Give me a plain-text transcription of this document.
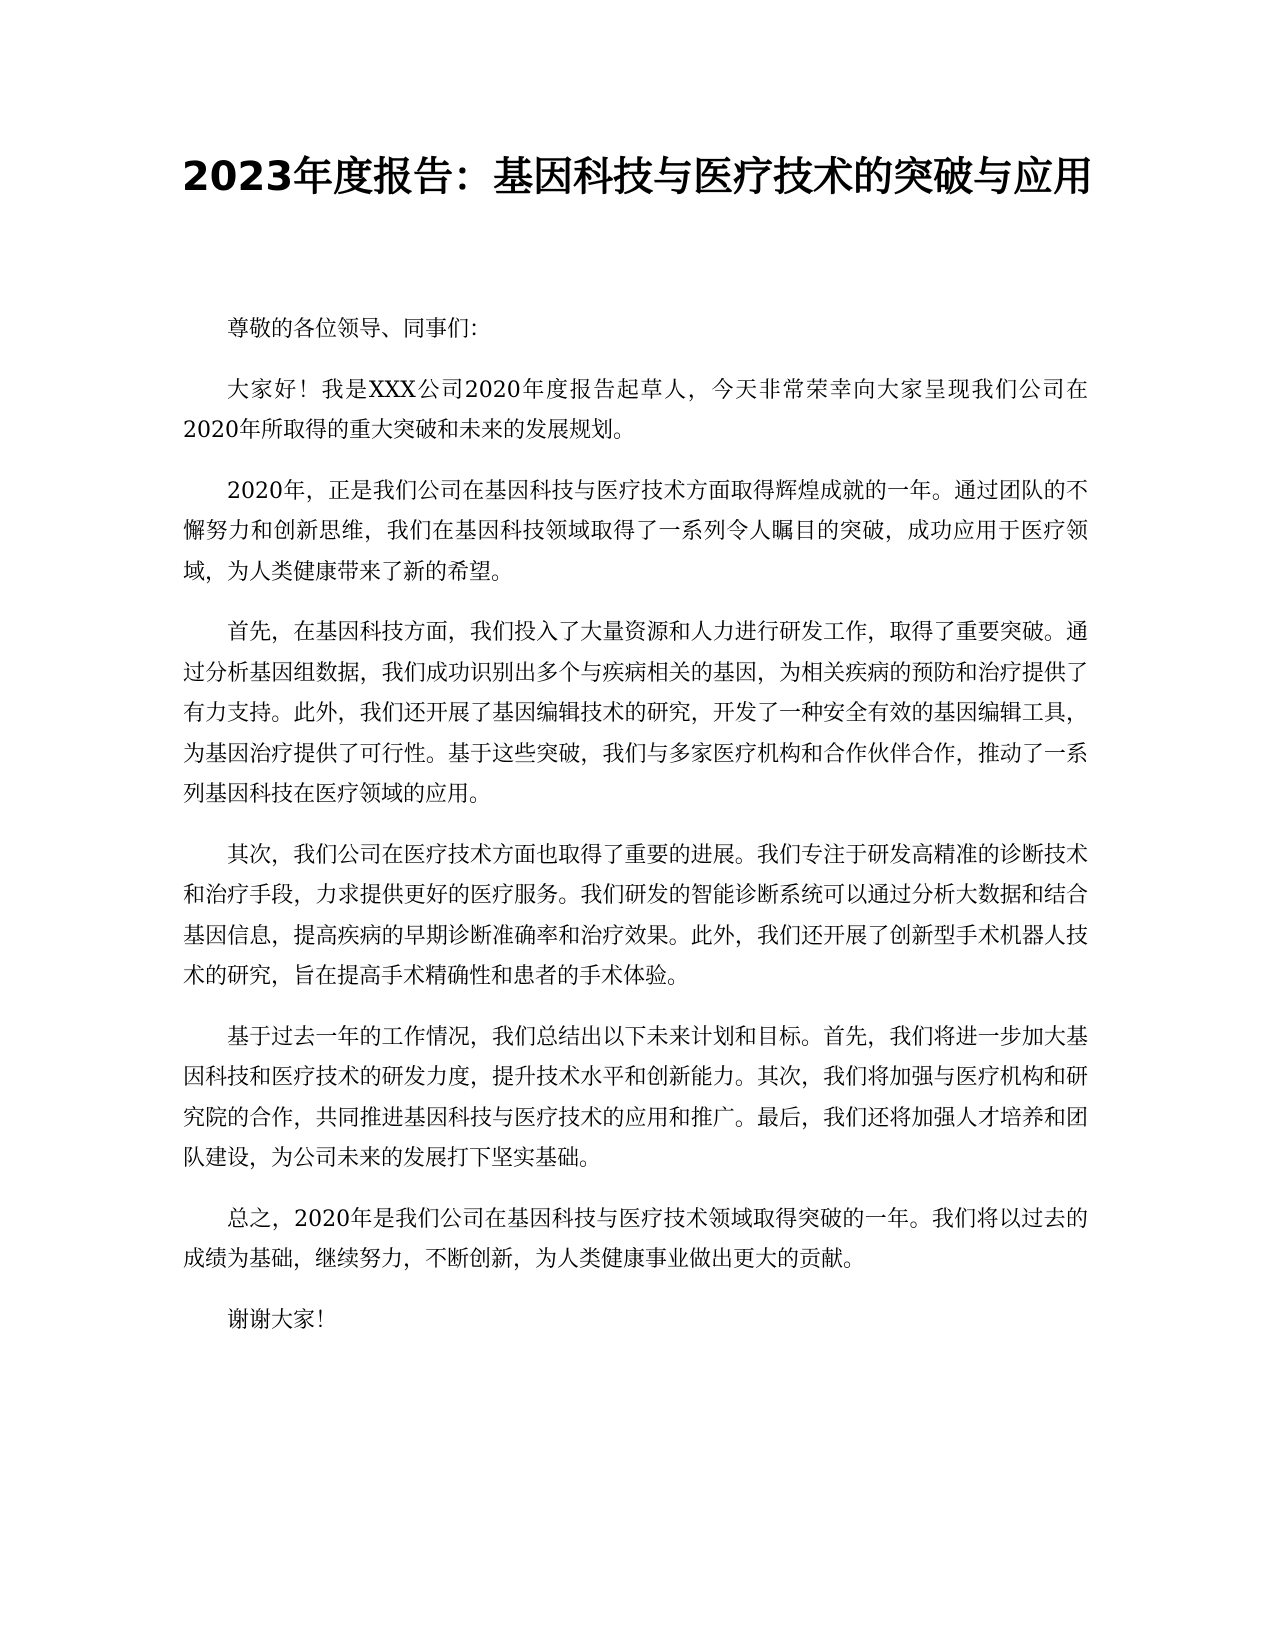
2023年度报告：基因科技与医疗技术的突破与应用

尊敬的各位领导、同事们：

大家好！我是XXX公司2020年度报告起草人，今天非常荣幸向大家呈现我们公司在2020年所取得的重大突破和未来的发展规划。

2020年，正是我们公司在基因科技与医疗技术方面取得辉煌成就的一年。通过团队的不懈努力和创新思维，我们在基因科技领域取得了一系列令人瞩目的突破，成功应用于医疗领域，为人类健康带来了新的希望。

首先，在基因科技方面，我们投入了大量资源和人力进行研发工作，取得了重要突破。通过分析基因组数据，我们成功识别出多个与疾病相关的基因，为相关疾病的预防和治疗提供了有力支持。此外，我们还开展了基因编辑技术的研究，开发了一种安全有效的基因编辑工具，为基因治疗提供了可行性。基于这些突破，我们与多家医疗机构和合作伙伴合作，推动了一系列基因科技在医疗领域的应用。

其次，我们公司在医疗技术方面也取得了重要的进展。我们专注于研发高精准的诊断技术和治疗手段，力求提供更好的医疗服务。我们研发的智能诊断系统可以通过分析大数据和结合基因信息，提高疾病的早期诊断准确率和治疗效果。此外，我们还开展了创新型手术机器人技术的研究，旨在提高手术精确性和患者的手术体验。

基于过去一年的工作情况，我们总结出以下未来计划和目标。首先，我们将进一步加大基因科技和医疗技术的研发力度，提升技术水平和创新能力。其次，我们将加强与医疗机构和研究院的合作，共同推进基因科技与医疗技术的应用和推广。最后，我们还将加强人才培养和团队建设，为公司未来的发展打下坚实基础。

总之，2020年是我们公司在基因科技与医疗技术领域取得突破的一年。我们将以过去的成绩为基础，继续努力，不断创新，为人类健康事业做出更大的贡献。

谢谢大家！
